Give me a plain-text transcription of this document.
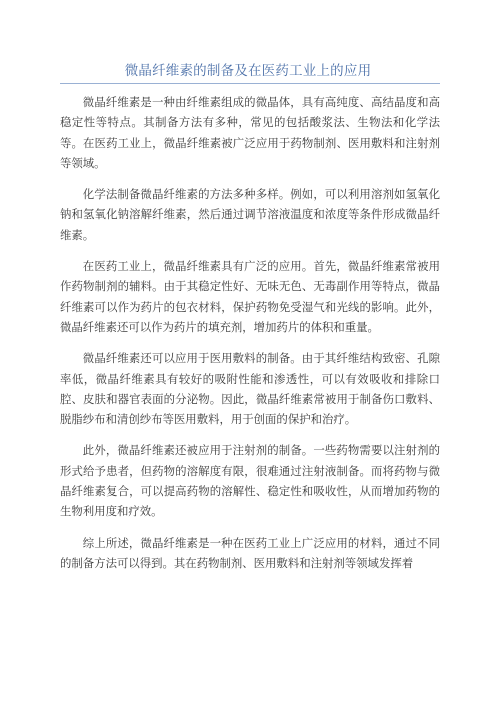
微晶纤维素的制备及在医药工业上的应用

微晶纤维素是一种由纤维素组成的微晶体，具有高纯度、高结晶度和高稳定性等特点。其制备方法有多种，常见的包括酸浆法、生物法和化学法等。在医药工业上，微晶纤维素被广泛应用于药物制剂、医用敷料和注射剂等领域。

化学法制备微晶纤维素的方法多种多样。例如，可以利用溶剂如氢氧化钠和氢氧化钠溶解纤维素，然后通过调节溶液温度和浓度等条件形成微晶纤维素。

在医药工业上，微晶纤维素具有广泛的应用。首先，微晶纤维素常被用作药物制剂的辅料。由于其稳定性好、无味无色、无毒副作用等特点，微晶纤维素可以作为药片的包衣材料，保护药物免受湿气和光线的影响。此外，微晶纤维素还可以作为药片的填充剂，增加药片的体积和重量。

微晶纤维素还可以应用于医用敷料的制备。由于其纤维结构致密、孔隙率低，微晶纤维素具有较好的吸附性能和渗透性，可以有效吸收和排除口腔、皮肤和器官表面的分泌物。因此，微晶纤维素常被用于制备伤口敷料、脱脂纱布和清创纱布等医用敷料，用于创面的保护和治疗。

此外，微晶纤维素还被应用于注射剂的制备。一些药物需要以注射剂的形式给予患者，但药物的溶解度有限，很难通过注射液制备。而将药物与微晶纤维素复合，可以提高药物的溶解性、稳定性和吸收性，从而增加药物的生物利用度和疗效。

综上所述，微晶纤维素是一种在医药工业上广泛应用的材料，通过不同的制备方法可以得到。其在药物制剂、医用敷料和注射剂等领域发挥着
